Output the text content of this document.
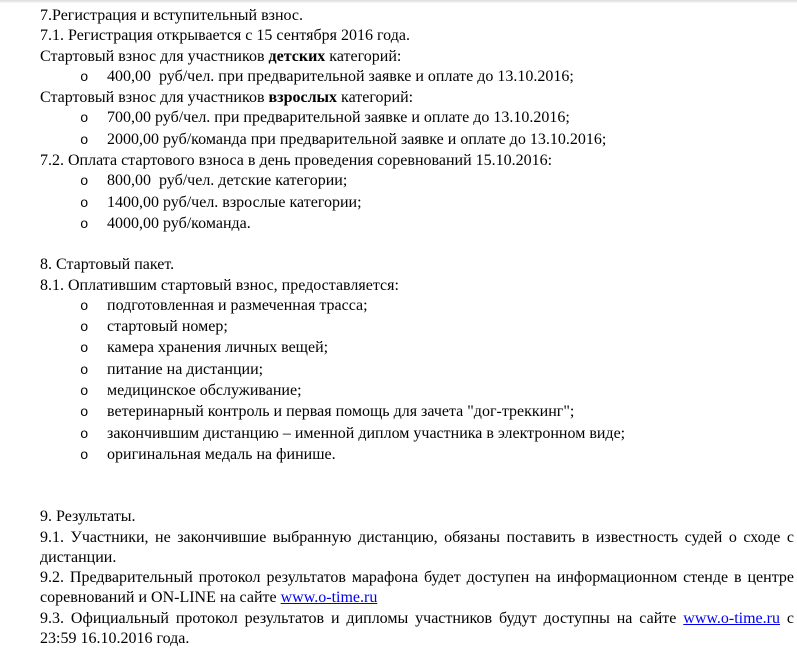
7.Регистрация и вступительный взнос.

7.1. Регистрация открывается с 15 сентября 2016 года.

Стартовый взнос для участников детских категорий:

o	400,00  руб/чел. при предварительной заявке и оплате до 13.10.2016;

Стартовый взнос для участников взрослых категорий:

o	700,00 руб/чел. при предварительной заявке и оплате до 13.10.2016;
o	2000,00 руб/команда при предварительной заявке и оплате до 13.10.2016;

7.2. Оплата стартового взноса в день проведения соревнований 15.10.2016:

o	800,00  руб/чел. детские категории;
o	1400,00 руб/чел. взрослые категории;
o	4000,00 руб/команда.

8. Стартовый пакет.

8.1. Оплатившим стартовый взнос, предоставляется:

o	подготовленная и размеченная трасса;
o	стартовый номер;
o	камера хранения личных вещей;
o	питание на дистанции;
o	медицинское обслуживание;
o	ветеринарный контроль и первая помощь для зачета "дог-треккинг";
o	закончившим дистанцию – именной диплом участника в электронном виде;
o	оригинальная медаль на финише.

9. Результаты.

9.1. Участники, не закончившие выбранную дистанцию, обязаны поставить в известность судей о сходе с дистанции.

9.2. Предварительный протокол результатов марафона будет доступен на информационном стенде в центре соревнований и ON-LINE на сайте www.o-time.ru

9.3. Официальный протокол результатов и дипломы участников будут доступны на сайте www.o-time.ru с 23:59 16.10.2016 года.
